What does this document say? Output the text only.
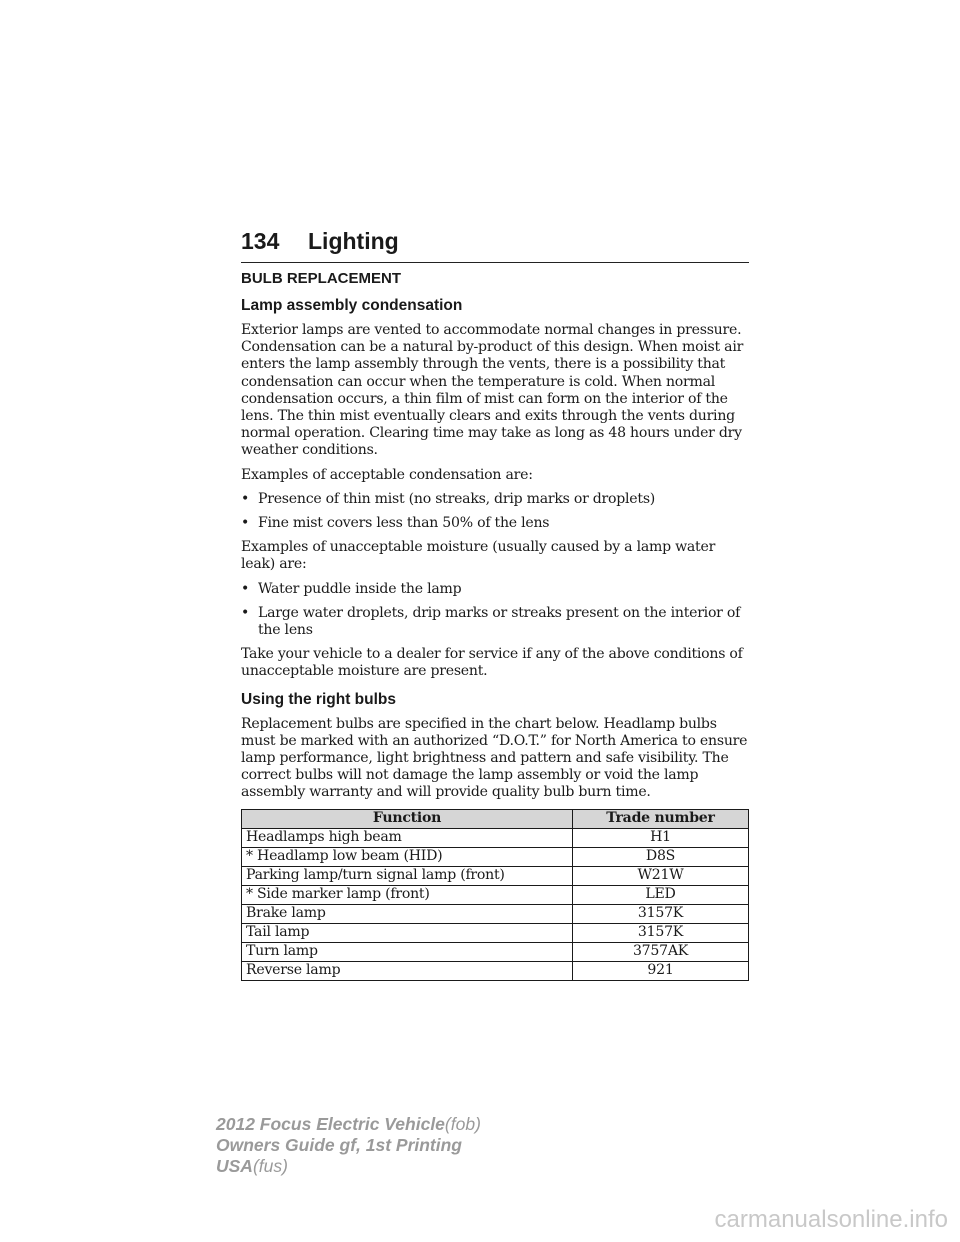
134 Lighting
BULB REPLACEMENT
Lamp assembly condensation

Exterior lamps are vented to accommodate normal changes in pressure. Condensation can be a natural by-product of this design. When moist air enters the lamp assembly through the vents, there is a possibility that condensation can occur when the temperature is cold. When normal condensation occurs, a thin film of mist can form on the interior of the lens. The thin mist eventually clears and exits through the vents during normal operation. Clearing time may take as long as 48 hours under dry weather conditions.

Examples of acceptable condensation are:

• Presence of thin mist (no streaks, drip marks or droplets)
• Fine mist covers less than 50% of the lens

Examples of unacceptable moisture (usually caused by a lamp water leak) are:

• Water puddle inside the lamp
• Large water droplets, drip marks or streaks present on the interior of the lens

Take your vehicle to a dealer for service if any of the above conditions of unacceptable moisture are present.

Using the right bulbs

Replacement bulbs are specified in the chart below. Headlamp bulbs must be marked with an authorized “D.O.T.” for North America to ensure lamp performance, light brightness and pattern and safe visibility. The correct bulbs will not damage the lamp assembly or void the lamp assembly warranty and will provide quality bulb burn time.

Function	Trade number
Headlamps high beam	H1
* Headlamp low beam (HID)	D8S
Parking lamp/turn signal lamp (front)	W21W
* Side marker lamp (front)	LED
Brake lamp	3157K
Tail lamp	3157K
Turn lamp	3757AK
Reverse lamp	921
2012 Focus Electric Vehicle(fob)
Owners Guide gf, 1st Printing
USA(fus)
carmanualsonline.info
